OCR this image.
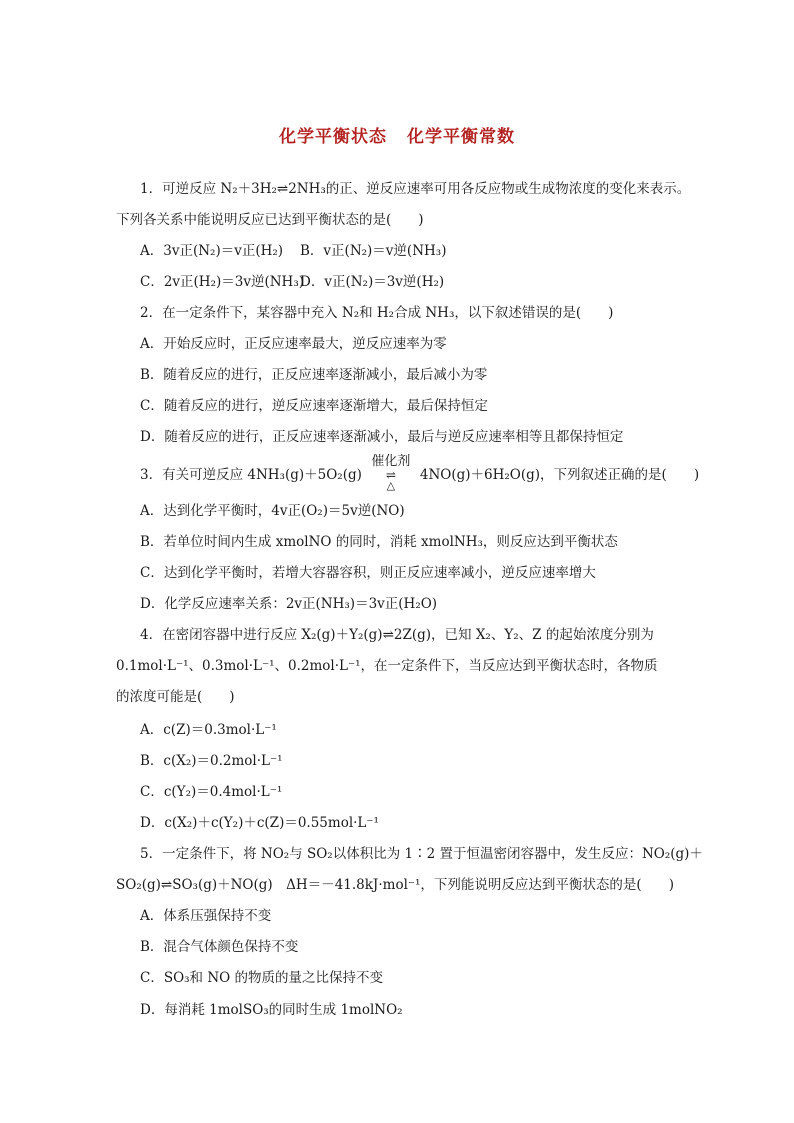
化学平衡状态 化学平衡常数
1．可逆反应 N₂＋3H₂⇌2NH₃的正、逆反应速率可用各反应物或生成物浓度的变化来表示。
下列各关系中能说明反应已达到平衡状态的是(　　)
A．3v正(N₂)＝v正(H₂) B．v正(N₂)＝v逆(NH₃)
C．2v正(H₂)＝3v逆(NH₃)
D．v正(N₂)＝3v逆(H₂)
2．在一定条件下，某容器中充入 N₂和 H₂合成 NH₃，以下叙述错误的是(　　)
A．开始反应时，正反应速率最大，逆反应速率为零
B．随着反应的进行，正反应速率逐渐减小，最后减小为零
C．随着反应的进行，逆反应速率逐渐增大，最后保持恒定
D．随着反应的进行，正反应速率逐渐减小，最后与逆反应速率相等且都保持恒定
3．有关可逆反应 4NH₃(g)＋5O₂(g)
催化剂
⇌
△
4NO(g)＋6H₂O(g)，下列叙述正确的是(　　)
A．达到化学平衡时，4v正(O₂)＝5v逆(NO)
B．若单位时间内生成 xmolNO 的同时，消耗 xmolNH₃，则反应达到平衡状态
C．达到化学平衡时，若增大容器容积，则正反应速率减小，逆反应速率增大
D．化学反应速率关系：2v正(NH₃)＝3v正(H₂O)
4．在密闭容器中进行反应 X₂(g)＋Y₂(g)⇌2Z(g)，已知 X₂、Y₂、Z 的起始浓度分别为
0.1mol·L⁻¹、0.3mol·L⁻¹、0.2mol·L⁻¹，在一定条件下，当反应达到平衡状态时，各物质
的浓度可能是(　　)
A．c(Z)＝0.3mol·L⁻¹
B．c(X₂)＝0.2mol·L⁻¹
C．c(Y₂)＝0.4mol·L⁻¹
D．c(X₂)＋c(Y₂)＋c(Z)＝0.55mol·L⁻¹
5．一定条件下，将 NO₂与 SO₂以体积比为 1∶2 置于恒温密闭容器中，发生反应：NO₂(g)＋
SO₂(g)⇌SO₃(g)＋NO(g)　ΔH＝－41.8kJ·mol⁻¹，下列能说明反应达到平衡状态的是(　　)
A．体系压强保持不变
B．混合气体颜色保持不变
C．SO₃和 NO 的物质的量之比保持不变
D．每消耗 1molSO₃的同时生成 1molNO₂
